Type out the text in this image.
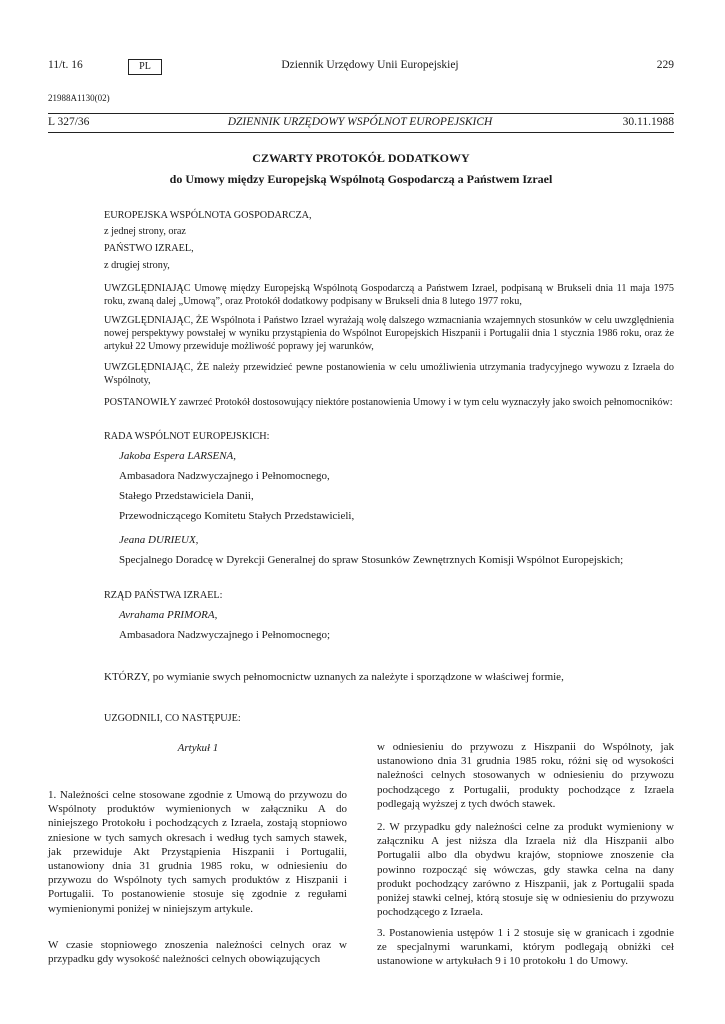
11/t. 16	PL	Dziennik Urzędowy Unii Europejskiej	229
21988A1130(02)
L 327/36	DZIENNIK URZĘDOWY WSPÓLNOT EUROPEJSKICH	30.11.1988
CZWARTY PROTOKÓŁ DODATKOWY
do Umowy między Europejską Wspólnotą Gospodarczą a Państwem Izrael
EUROPEJSKA WSPÓLNOTA GOSPODARCZA,
z jednej strony, oraz
PAŃSTWO IZRAEL,
z drugiej strony,
UWZGLĘDNIAJĄC Umowę między Europejską Wspólnotą Gospodarczą a Państwem Izrael, podpisaną w Brukseli dnia 11 maja 1975 roku, zwaną dalej „Umową”, oraz Protokół dodatkowy podpisany w Brukseli dnia 8 lutego 1977 roku,
UWZGLĘDNIAJĄC, ŻE Wspólnota i Państwo Izrael wyrażają wolę dalszego wzmacniania wzajemnych stosunków w celu uwzględnienia nowej perspektywy powstałej w wyniku przystąpienia do Wspólnot Europejskich Hiszpanii i Portugalii dnia 1 stycznia 1986 roku, oraz że artykuł 22 Umowy przewiduje możliwość poprawy jej warunków,
UWZGLĘDNIAJĄC, ŻE należy przewidzieć pewne postanowienia w celu umożliwienia utrzymania tradycyjnego wywozu z Izraela do Wspólnoty,
POSTANOWIŁY zawrzeć Protokół dostosowujący niektóre postanowienia Umowy i w tym celu wyznaczyły jako swoich pełnomocników:
RADA WSPÓLNOT EUROPEJSKICH:
Jakoba Espera LARSENA,
Ambasadora Nadzwyczajnego i Pełnomocnego,
Stałego Przedstawiciela Danii,
Przewodniczącego Komitetu Stałych Przedstawicieli,
Jeana DURIEUX,
Specjalnego Doradcę w Dyrekcji Generalnej do spraw Stosunków Zewnętrznych Komisji Wspólnot Europejskich;
RZĄD PAŃSTWA IZRAEL:
Avrahama PRIMORA,
Ambasadora Nadzwyczajnego i Pełnomocnego;
KTÓRZY, po wymianie swych pełnomocnictw uznanych za należyte i sporządzone w właściwej formie,
UZGODNILI, CO NASTĘPUJE:
Artykuł 1
1. Należności celne stosowane zgodnie z Umową do przywozu do Wspólnoty produktów wymienionych w załączniku A do niniejszego Protokołu i pochodzących z Izraela, zostają stopniowo zniesione w tych samych okresach i według tych samych stawek, jak przewiduje Akt Przystąpienia Hiszpanii i Portugalii, ustanowiony dnia 31 grudnia 1985 roku, w odniesieniu do przywozu do Wspólnoty tych samych produktów z Hiszpanii i Portugalii. To postanowienie stosuje się zgodnie z regułami wymienionymi poniżej w niniejszym artykule.
W czasie stopniowego znoszenia należności celnych oraz w przypadku gdy wysokość należności celnych obowiązujących
w odniesieniu do przywozu z Hiszpanii do Wspólnoty, jak ustanowiono dnia 31 grudnia 1985 roku, różni się od wysokości należności celnych stosowanych w odniesieniu do przywozu pochodzącego z Portugalii, produkty pochodzące z Izraela podlegają wyższej z tych dwóch stawek.
2. W przypadku gdy należności celne za produkt wymieniony w załączniku A jest niższa dla Izraela niż dla Hiszpanii albo Portugalii albo dla obydwu krajów, stopniowe znoszenie cła powinno rozpocząć się wówczas, gdy stawka celna na dany produkt pochodzący zarówno z Hiszpanii, jak z Portugalii spada poniżej stawki celnej, którą stosuje się w odniesieniu do przywozu pochodzącego z Izraela.
3. Postanowienia ustępów 1 i 2 stosuje się w granicach i zgodnie ze specjalnymi warunkami, którym podlegają obniżki ceł ustanowione w artykułach 9 i 10 protokołu 1 do Umowy.
